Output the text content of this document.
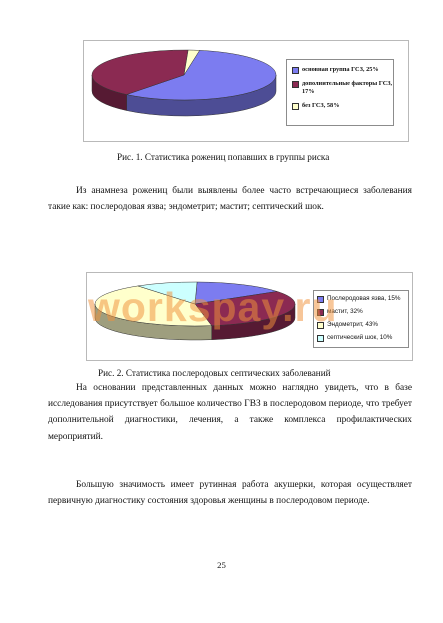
основная группа ГСЗ, 25%
дополнительные факторы ГСЗ, 17%
без ГСЗ, 58%
Рис. 1. Статистика рожениц попавших в группы риска
Из анамнеза рожениц были выявлены более часто встречающиеся заболевания такие как: послеродовая язва; эндометрит; мастит; септический шок.
Послеродовая язва, 15%
мастит, 32%
Эндометрит, 43%
септический шок, 10%
workspay.ru
Рис. 2. Статистика послеродовых септических заболеваний
На основании представленных данных можно наглядно увидеть, что в базе исследования присутствует большое количество ГВЗ в послеродовом периоде, что требует дополнительной диагностики, лечения, а также комплекса профилактических мероприятий.
Большую значимость имеет рутинная работа акушерки, которая осуществляет первичную диагностику состояния здоровья женщины в послеродовом периоде.
25
